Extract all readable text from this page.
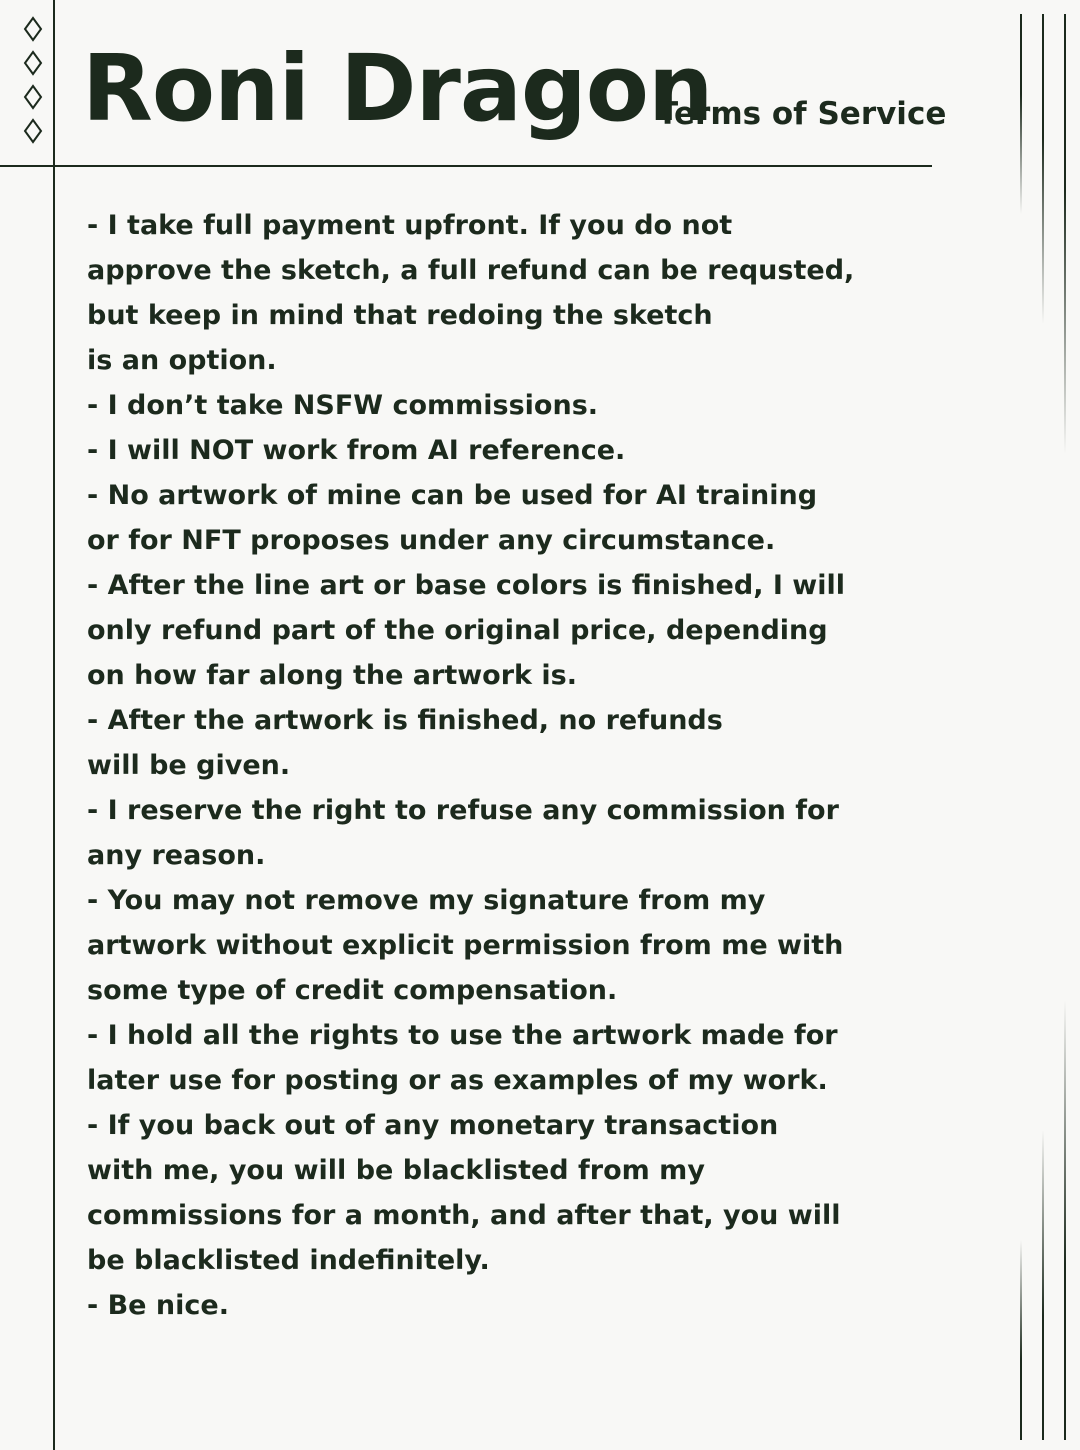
Roni Dragon
Terms of Service
- I take full payment upfront. If you do not
approve the sketch, a full refund can be requsted,
but keep in mind that redoing the sketch
is an option.
- I don’t take NSFW commissions.
- I will NOT work from AI reference.
- No artwork of mine can be used for AI training
or for NFT proposes under any circumstance.
- After the line art or base colors is finished, I will
only refund part of the original price, depending
on how far along the artwork is.
- After the artwork is finished, no refunds
will be given.
- I reserve the right to refuse any commission for
any reason.
- You may not remove my signature from my
artwork without explicit permission from me with
some type of credit compensation.
- I hold all the rights to use the artwork made for
later use for posting or as examples of my work.
- If you back out of any monetary transaction
with me, you will be blacklisted from my
commissions for a month, and after that, you will
be blacklisted indefinitely.
- Be nice.
